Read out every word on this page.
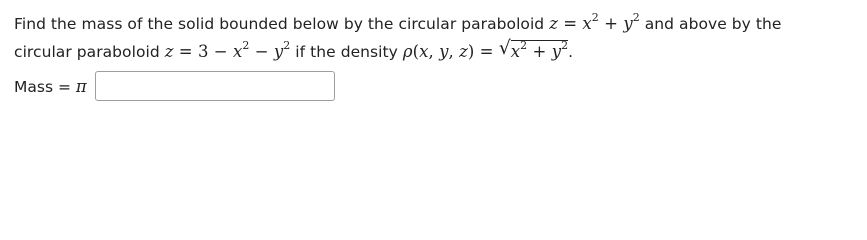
Find the mass of the solid bounded below by the circular paraboloid $z = x^2 + y^2$ and above by the
circular paraboloid $z = 3 - x^2 - y^2$ if the density ρ(x, y, z) = √ $x^2 + y^2$.
Mass = π
